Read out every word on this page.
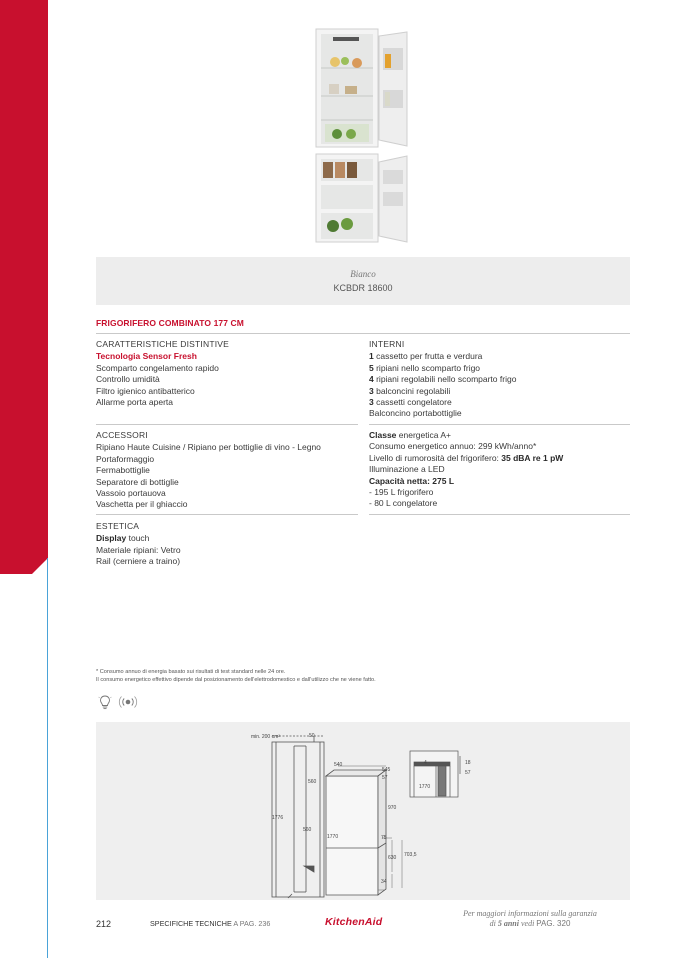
Bianco
KCBDR 18600
FRIGORIFERO COMBINATO 177 CM
CARATTERISTICHE DISTINTIVE
Tecnologia Sensor Fresh
Scomparto congelamento rapido
Controllo umidità
Filtro igienico antibatterico
Allarme porta aperta
INTERNI
1 cassetto per frutta e verdura
5 ripiani nello scomparto frigo
4 ripiani regolabili nello scomparto frigo
3 balconcini regolabili
3 cassetti congelatore
Balconcino portabottiglie
ACCESSORI
Ripiano Haute Cuisine / Ripiano per bottiglie di vino - Legno
Portaformaggio
Fermabottiglie
Separatore di bottiglie
Vassoio portauova
Vaschetta per il ghiaccio
Classe energetica A+
Consumo energetico annuo: 299 kWh/anno*
Livello di rumorosità del frigorifero: 35 dBA re 1 pW
Illuminazione a LED
Capacità netta: 275 L
- 195 L frigorifero
- 80 L congelatore
ESTETICA
Display touch
Materiale ripiani: Vetro
Rail (cerniere a traino)
* Consumo annuo di energia basato sui risultati di test standard nelle 24 ore.
Il consumo energetico effettivo dipende dal posizionamento dell'elettrodomestico e dall'utilizzo che ne viene fatto.
min. 200 cm²	50
540
545
57
560
1776
560
1770
970
75
630 703,5
34
4	18
57
1770
212	SPECIFICHE TECNICHE A PAG. 236	KitchenAid
Per maggiori informazioni sulla garanzia
di 5 anni vedi PAG. 320
